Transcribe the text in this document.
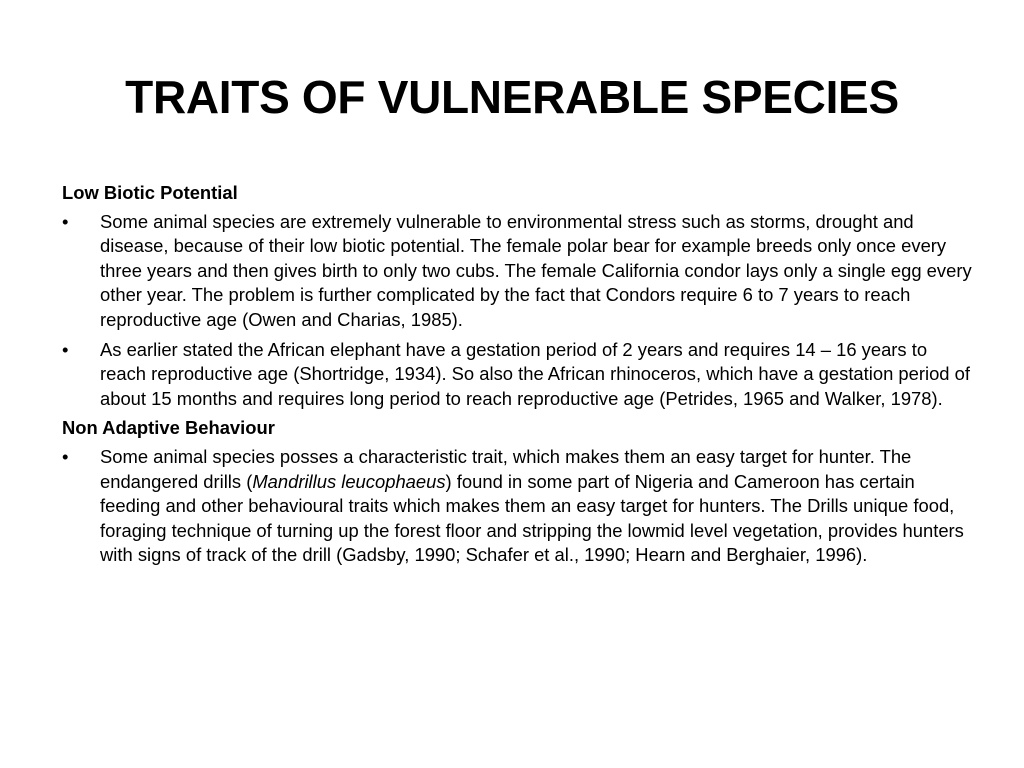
TRAITS OF VULNERABLE SPECIES

Low Biotic Potential

• Some animal species are extremely vulnerable to environmental stress such as storms, drought and disease, because of their low biotic potential. The female polar bear for example breeds only once every three years and then gives birth to only two cubs. The female California condor lays only a single egg every other year. The problem is further complicated by the fact that Condors require 6 to 7 years to reach reproductive age (Owen and Charias, 1985).
• As earlier stated the African elephant have a gestation period of 2 years and requires 14 – 16 years to reach reproductive age (Shortridge, 1934). So also the African rhinoceros, which have a gestation period of about 15 months and requires long period to reach reproductive age (Petrides, 1965 and Walker, 1978).

Non Adaptive Behaviour

• Some animal species posses a characteristic trait, which makes them an easy target for hunter. The endangered drills (Mandrillus leucophaeus) found in some part of Nigeria and Cameroon has certain feeding and other behavioural traits which makes them an easy target for hunters. The Drills unique food, foraging technique of turning up the forest floor and stripping the lowmid level vegetation, provides hunters with signs of track of the drill (Gadsby, 1990; Schafer et al., 1990; Hearn and Berghaier, 1996).
